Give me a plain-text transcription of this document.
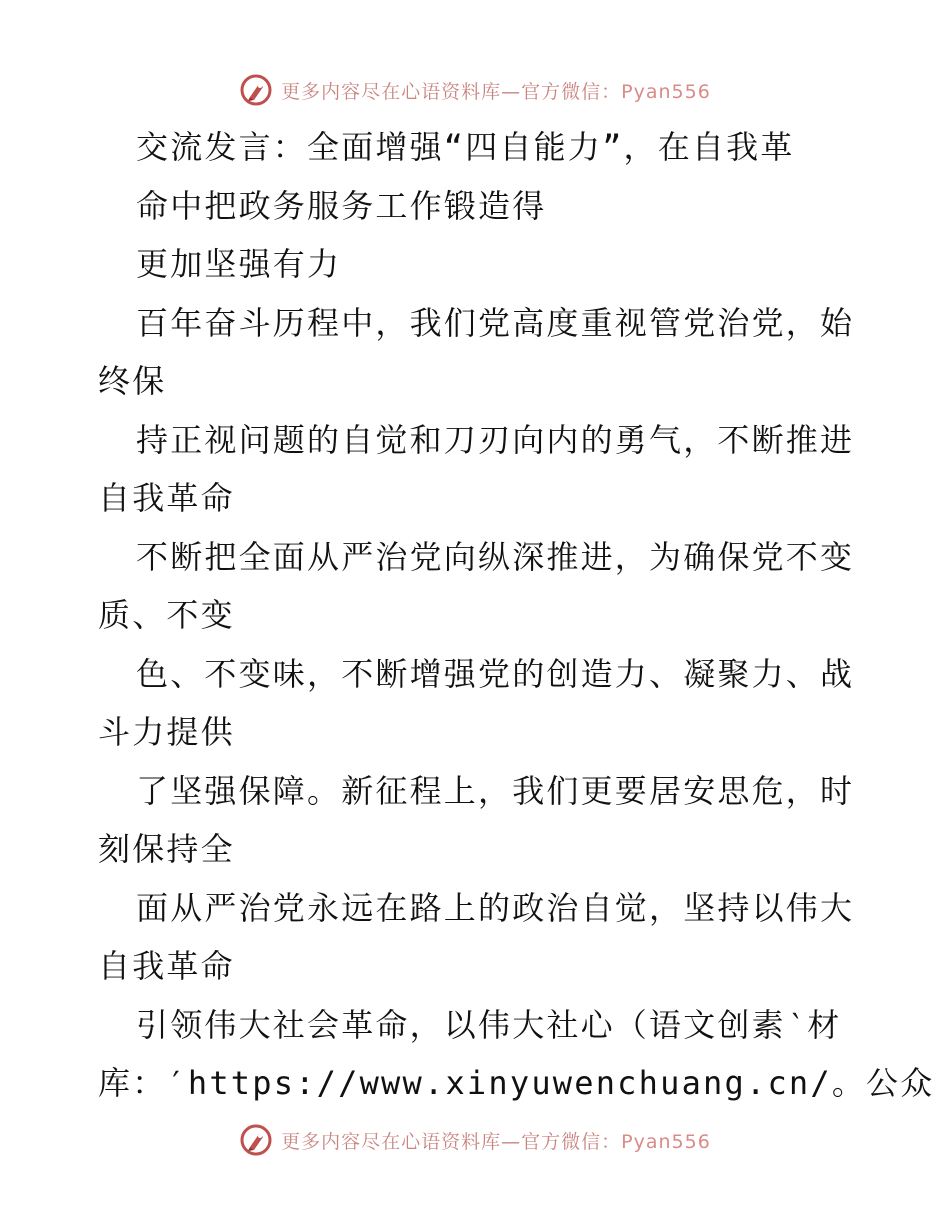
更多内容尽在心语资料库—官方微信：Pyan556
交流发言：全面增强“四自能力”，在自我革
命中把政务服务工作锻造得
更加坚强有力
百年奋斗历程中，我们党高度重视管党治党，始
终保
持正视问题的自觉和刀刃向内的勇气，不断推进
自我革命
不断把全面从严治党向纵深推进，为确保党不变
质、不变
色、不变味，不断增强党的创造力、凝聚力、战
斗力提供
了坚强保障。新征程上，我们更要居安思危，时
刻保持全
面从严治党永远在路上的政治自觉，坚持以伟大
自我革命
引领伟大社会革命，以伟大社心（语文创素‵材
库：′https://www.xinyuwenchuang.cn/。公众
更多内容尽在心语资料库—官方微信：Pyan556
